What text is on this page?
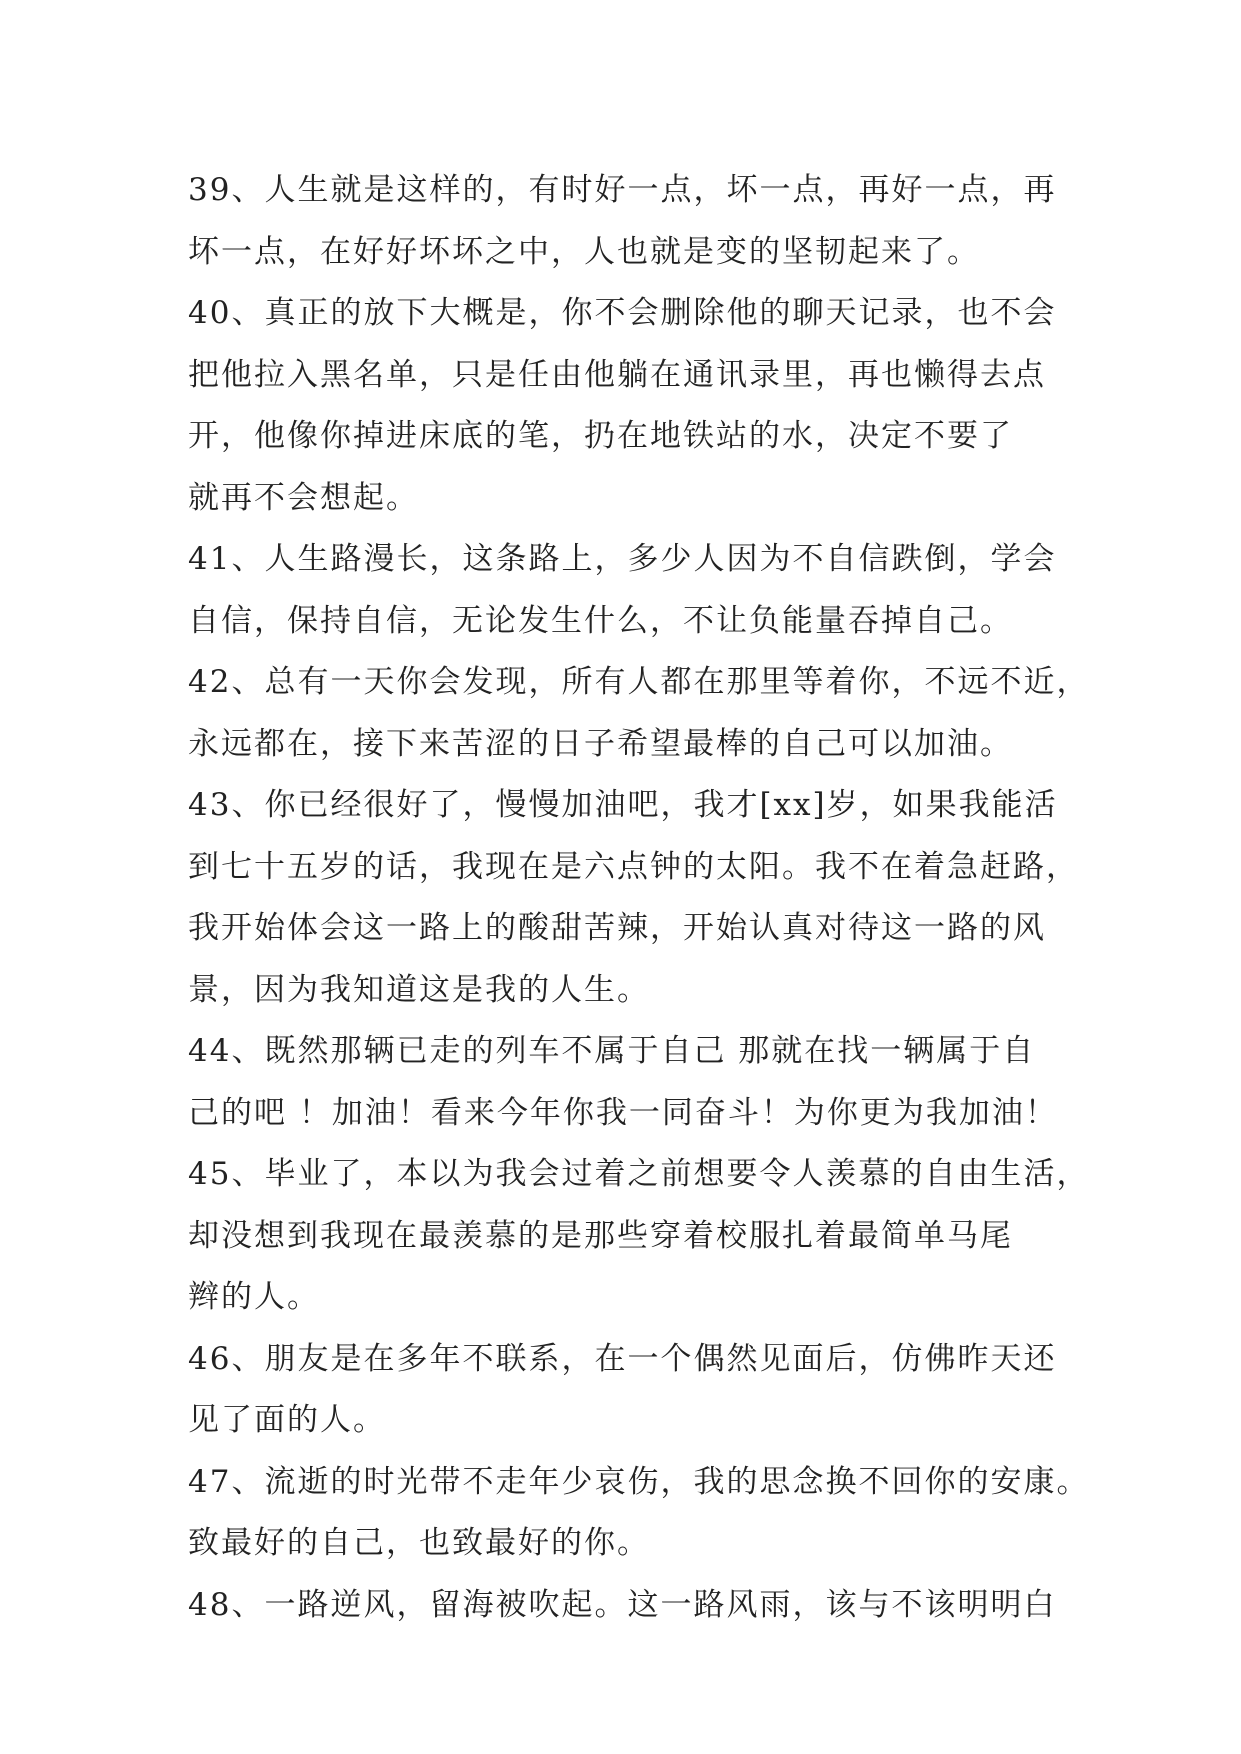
39、人生就是这样的，有时好一点，坏一点，再好一点，再
坏一点，在好好坏坏之中，人也就是变的坚韧起来了。
40、真正的放下大概是，你不会删除他的聊天记录，也不会
把他拉入黑名单，只是任由他躺在通讯录里，再也懒得去点
开，他像你掉进床底的笔，扔在地铁站的水，决定不要了
就再不会想起。
41、人生路漫长，这条路上，多少人因为不自信跌倒，学会
自信，保持自信，无论发生什么，不让负能量吞掉自己。
42、总有一天你会发现，所有人都在那里等着你，不远不近，
永远都在，接下来苦涩的日子希望最棒的自己可以加油。
43、你已经很好了，慢慢加油吧，我才[xx]岁，如果我能活
到七十五岁的话，我现在是六点钟的太阳。我不在着急赶路，
我开始体会这一路上的酸甜苦辣，开始认真对待这一路的风
景，因为我知道这是我的人生。
44、既然那辆已走的列车不属于自己 那就在找一辆属于自
己的吧 ！加油！看来今年你我一同奋斗！为你更为我加油！
45、毕业了，本以为我会过着之前想要令人羡慕的自由生活，
却没想到我现在最羡慕的是那些穿着校服扎着最简单马尾
辫的人。
46、朋友是在多年不联系，在一个偶然见面后，仿佛昨天还
见了面的人。
47、流逝的时光带不走年少哀伤，我的思念换不回你的安康。
致最好的自己，也致最好的你。
48、一路逆风，留海被吹起。这一路风雨，该与不该明明白
